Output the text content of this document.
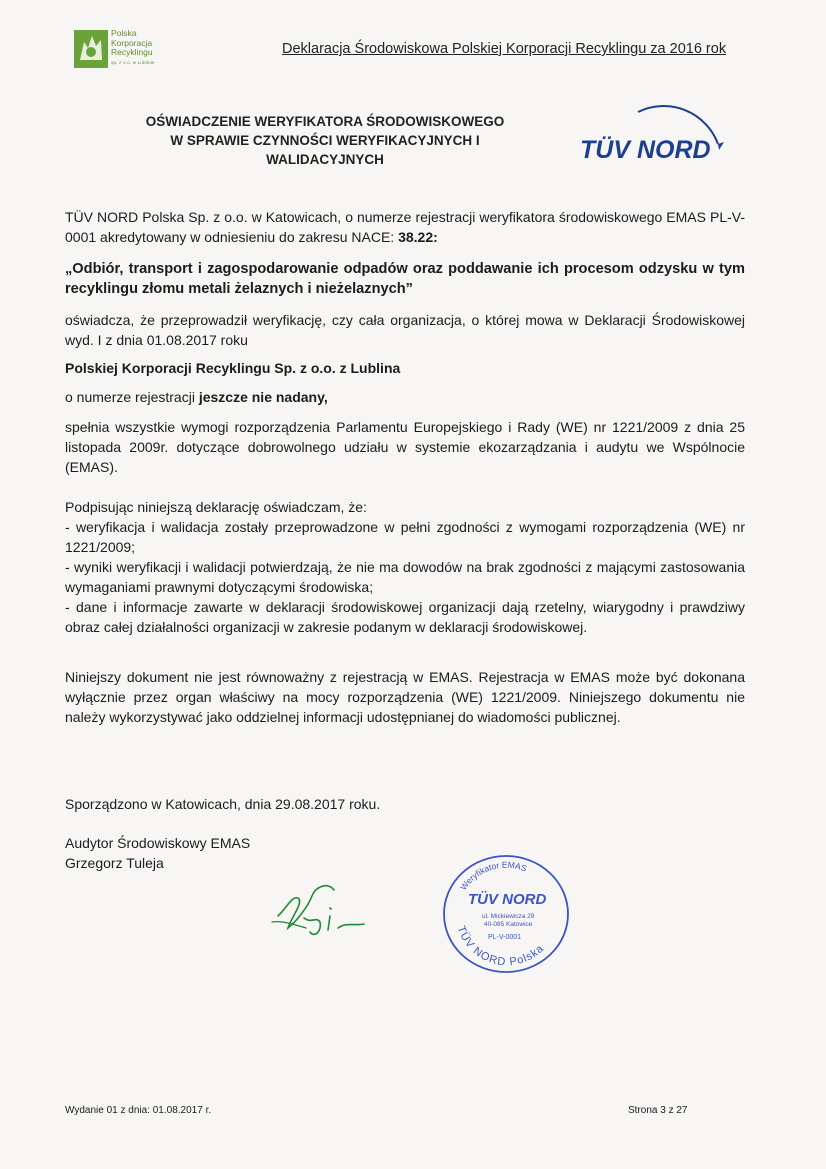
Polska
Korporacja
Recyklingu
sp. z o.o. w Lublinie
Deklaracja Środowiskowa Polskiej Korporacji Recyklingu za 2016 rok
OŚWIADCZENIE WERYFIKATORA ŚRODOWISKOWEGO
W SPRAWIE CZYNNOŚCI WERYFIKACYJNYCH I
WALIDACYJNYCH	TÜV NORD

TÜV NORD Polska Sp. z o.o. w Katowicach, o numerze rejestracji weryfikatora środowiskowego EMAS PL-V-0001 akredytowany w odniesieniu do zakresu NACE: 38.22:

„Odbiór, transport i zagospodarowanie odpadów oraz poddawanie ich procesom odzysku w tym recyklingu złomu metali żelaznych i nieżelaznych”

oświadcza, że przeprowadził weryfikację, czy cała organizacja, o której mowa w Deklaracji Środowiskowej wyd. I z dnia 01.08.2017 roku

Polskiej Korporacji Recyklingu Sp. z o.o. z Lublina

o numerze rejestracji jeszcze nie nadany,

spełnia wszystkie wymogi rozporządzenia Parlamentu Europejskiego i Rady (WE) nr 1221/2009 z dnia 25 listopada 2009r. dotyczące dobrowolnego udziału w systemie ekozarządzania i audytu we Wspólnocie (EMAS).

Podpisując niniejszą deklarację oświadczam, że:
- weryfikacja i walidacja zostały przeprowadzone w pełni zgodności z wymogami rozporządzenia (WE) nr 1221/2009;
- wyniki weryfikacji i walidacji potwierdzają, że nie ma dowodów na brak zgodności z mającymi zastosowania wymaganiami prawnymi dotyczącymi środowiska;
- dane i informacje zawarte w deklaracji środowiskowej organizacji dają rzetelny, wiarygodny i prawdziwy obraz całej działalności organizacji w zakresie podanym w deklaracji środowiskowej.

Niniejszy dokument nie jest równoważny z rejestracją w EMAS. Rejestracja w EMAS może być dokonana wyłącznie przez organ właściwy na mocy rozporządzenia (WE) 1221/2009. Niniejszego dokumentu nie należy wykorzystywać jako oddzielnej informacji udostępnianej do wiadomości publicznej.

Sporządzono w Katowicach, dnia 29.08.2017 roku.

Audytor Środowiskowy EMAS

Grzegorz Tuleja

Weryfikator EMAS
TÜV NORD
ul. Mickiewicza 29
40-085 Katowice
PL-V-0001
TÜV NORD Polska
Wydanie 01 z dnia: 01.08.2017 r.	Strona 3 z 27
